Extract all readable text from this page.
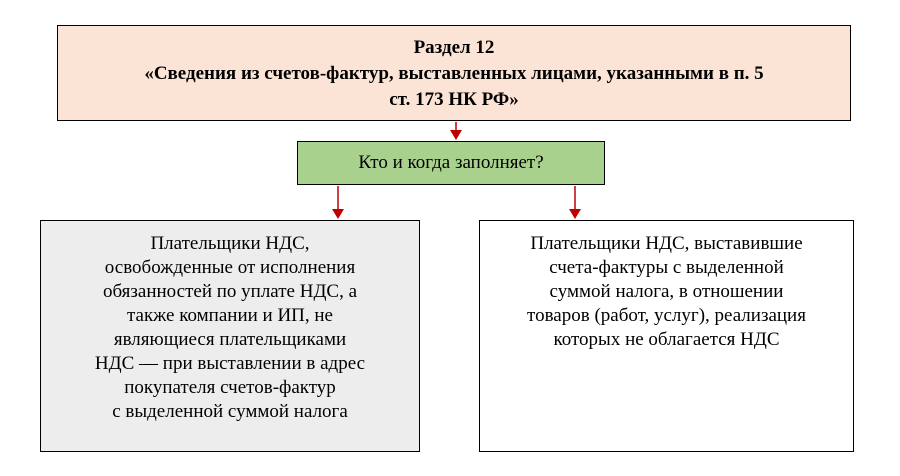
Раздел 12
«Сведения из счетов-фактур, выставленных лицами, указанными в п. 5
ст. 173 НК РФ»
Кто и когда заполняет?
Плательщики НДС,
освобожденные от исполнения
обязанностей по уплате НДС, а
также компании и ИП, не
являющиеся плательщиками
НДС — при выставлении в адрес
покупателя счетов-фактур
с выделенной суммой налога
Плательщики НДС, выставившие
счета-фактуры с выделенной
суммой налога, в отношении
товаров (работ, услуг), реализация
которых не облагается НДС
